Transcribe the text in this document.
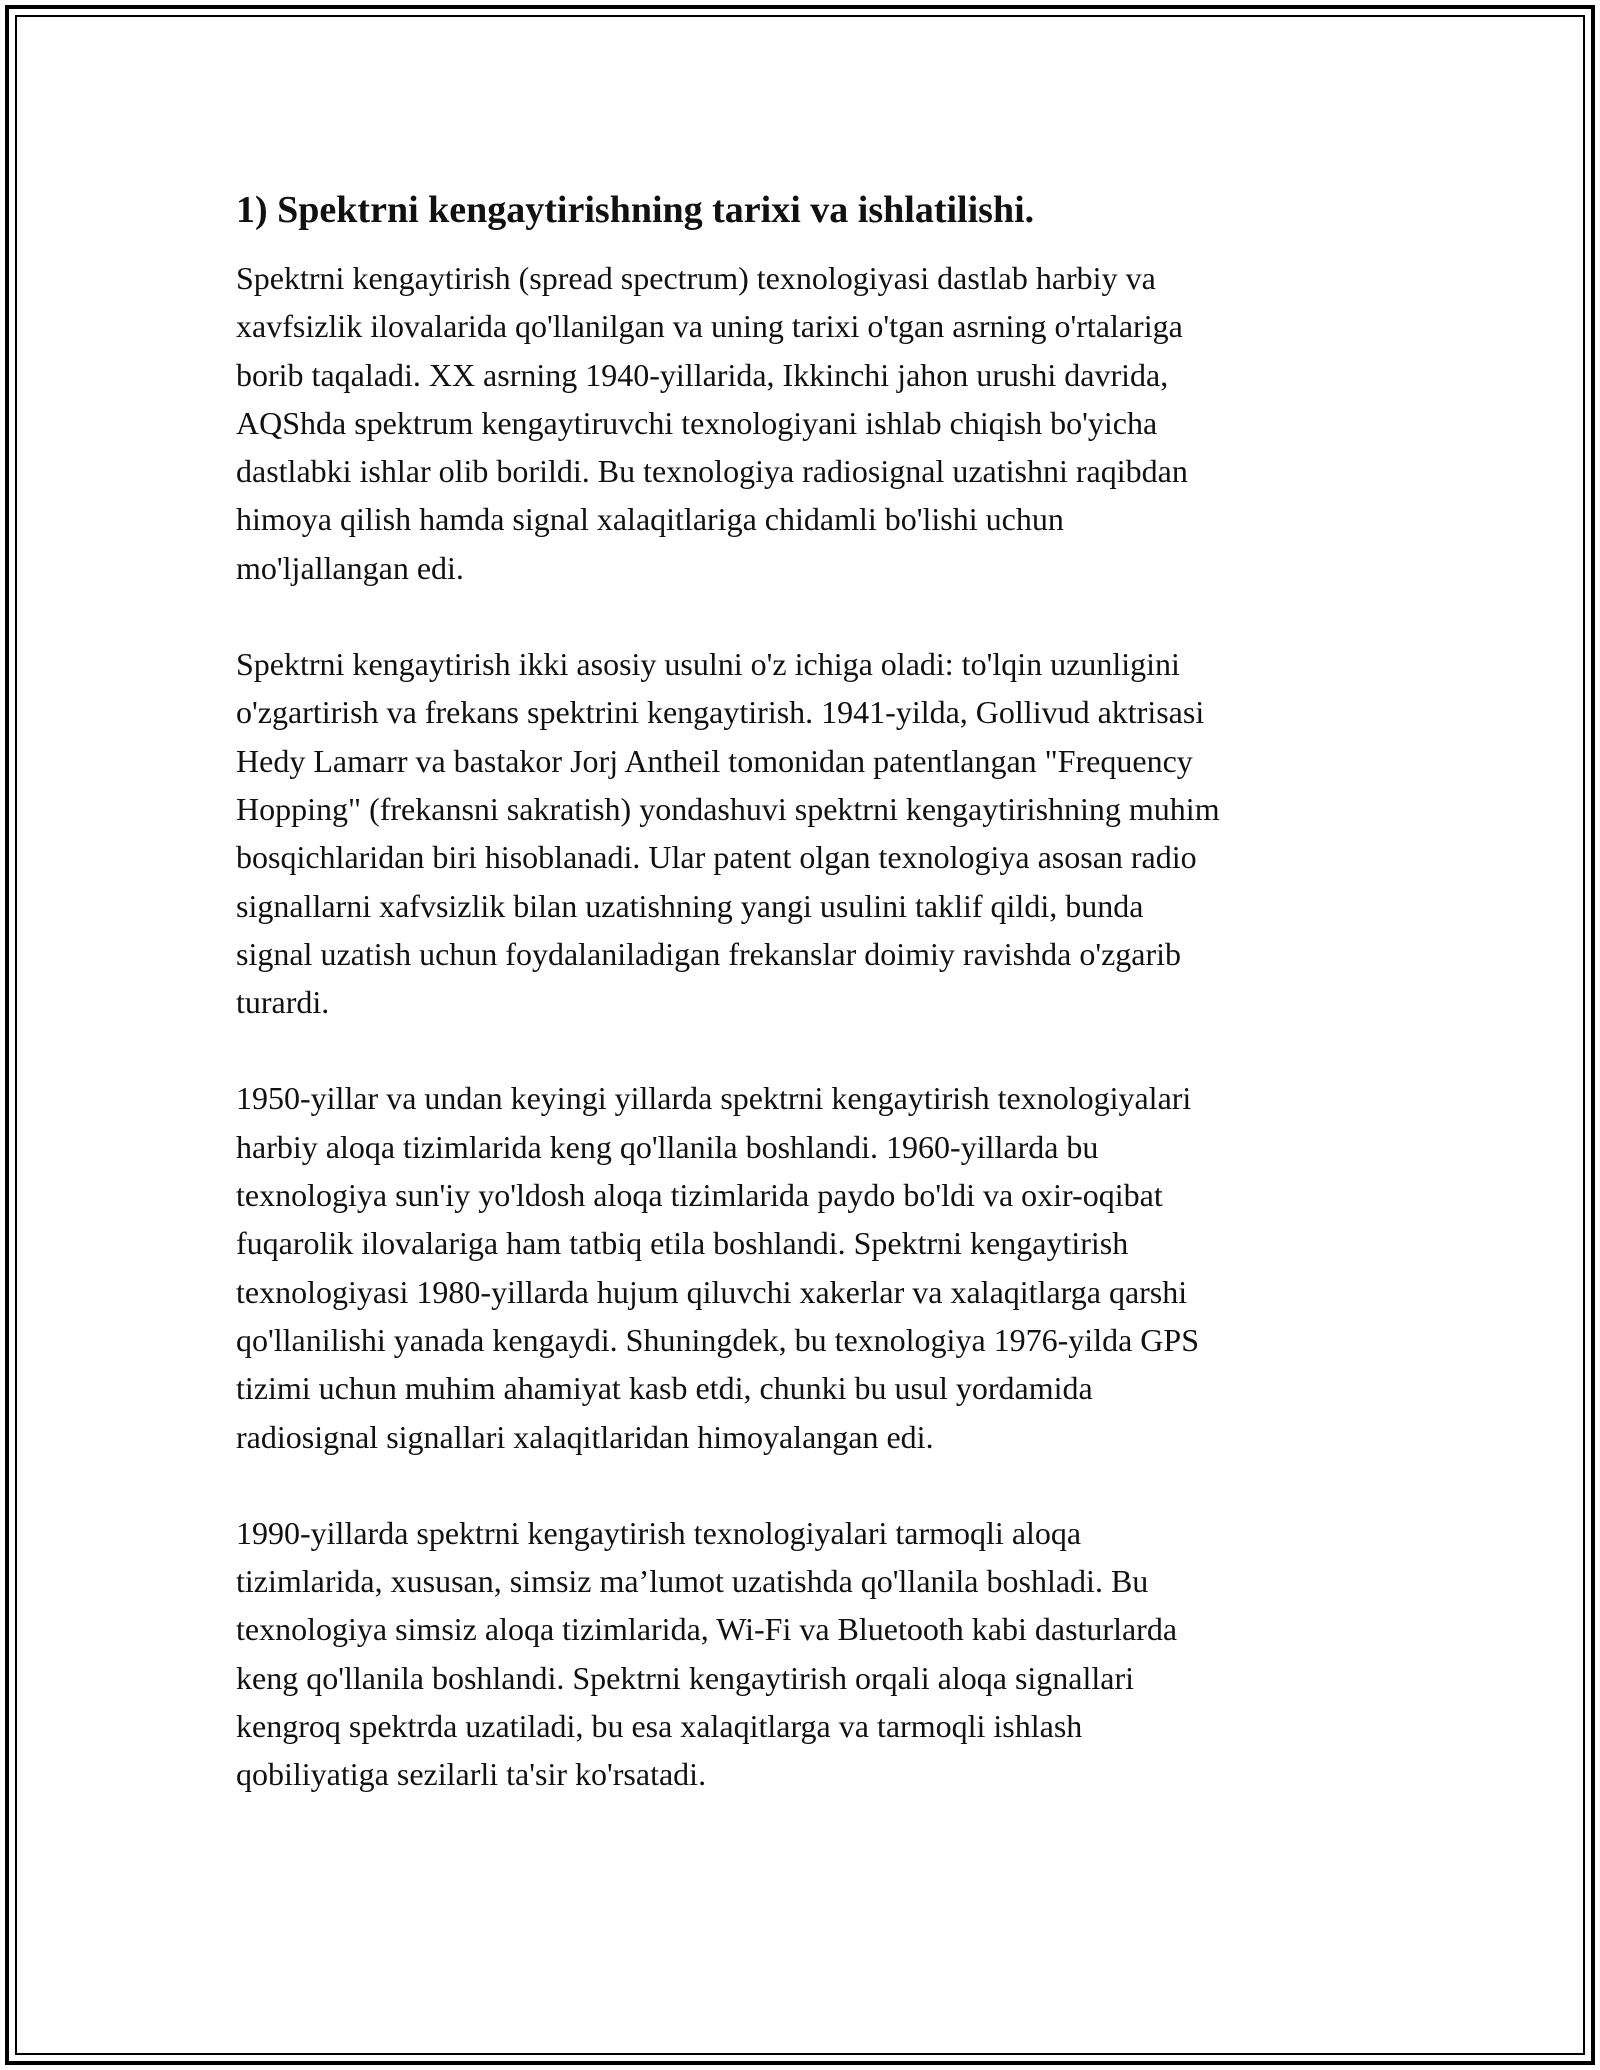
1) Spektrni kengaytirishning tarixi va ishlatilishi.

Spektrni kengaytirish (spread spectrum) texnologiyasi dastlab harbiy va
xavfsizlik ilovalarida qo'llanilgan va uning tarixi o'tgan asrning o'rtalariga
borib taqaladi. XX asrning 1940-yillarida, Ikkinchi jahon urushi davrida,
AQShda spektrum kengaytiruvchi texnologiyani ishlab chiqish bo'yicha
dastlabki ishlar olib borildi. Bu texnologiya radiosignal uzatishni raqibdan
himoya qilish hamda signal xalaqitlariga chidamli bo'lishi uchun
mo'ljallangan edi.

Spektrni kengaytirish ikki asosiy usulni o'z ichiga oladi: to'lqin uzunligini
o'zgartirish va frekans spektrini kengaytirish. 1941-yilda, Gollivud aktrisasi
Hedy Lamarr va bastakor Jorj Antheil tomonidan patentlangan "Frequency
Hopping" (frekansni sakratish) yondashuvi spektrni kengaytirishning muhim
bosqichlaridan biri hisoblanadi. Ular patent olgan texnologiya asosan radio
signallarni xafvsizlik bilan uzatishning yangi usulini taklif qildi, bunda
signal uzatish uchun foydalaniladigan frekanslar doimiy ravishda o'zgarib
turardi.

1950-yillar va undan keyingi yillarda spektrni kengaytirish texnologiyalari
harbiy aloqa tizimlarida keng qo'llanila boshlandi. 1960-yillarda bu
texnologiya sun'iy yo'ldosh aloqa tizimlarida paydo bo'ldi va oxir-oqibat
fuqarolik ilovalariga ham tatbiq etila boshlandi. Spektrni kengaytirish
texnologiyasi 1980-yillarda hujum qiluvchi xakerlar va xalaqitlarga qarshi
qo'llanilishi yanada kengaydi. Shuningdek, bu texnologiya 1976-yilda GPS
tizimi uchun muhim ahamiyat kasb etdi, chunki bu usul yordamida
radiosignal signallari xalaqitlaridan himoyalangan edi.

1990-yillarda spektrni kengaytirish texnologiyalari tarmoqli aloqa
tizimlarida, xususan, simsiz ma’lumot uzatishda qo'llanila boshladi. Bu
texnologiya simsiz aloqa tizimlarida, Wi-Fi va Bluetooth kabi dasturlarda
keng qo'llanila boshlandi. Spektrni kengaytirish orqali aloqa signallari
kengroq spektrda uzatiladi, bu esa xalaqitlarga va tarmoqli ishlash
qobiliyatiga sezilarli ta'sir ko'rsatadi.
